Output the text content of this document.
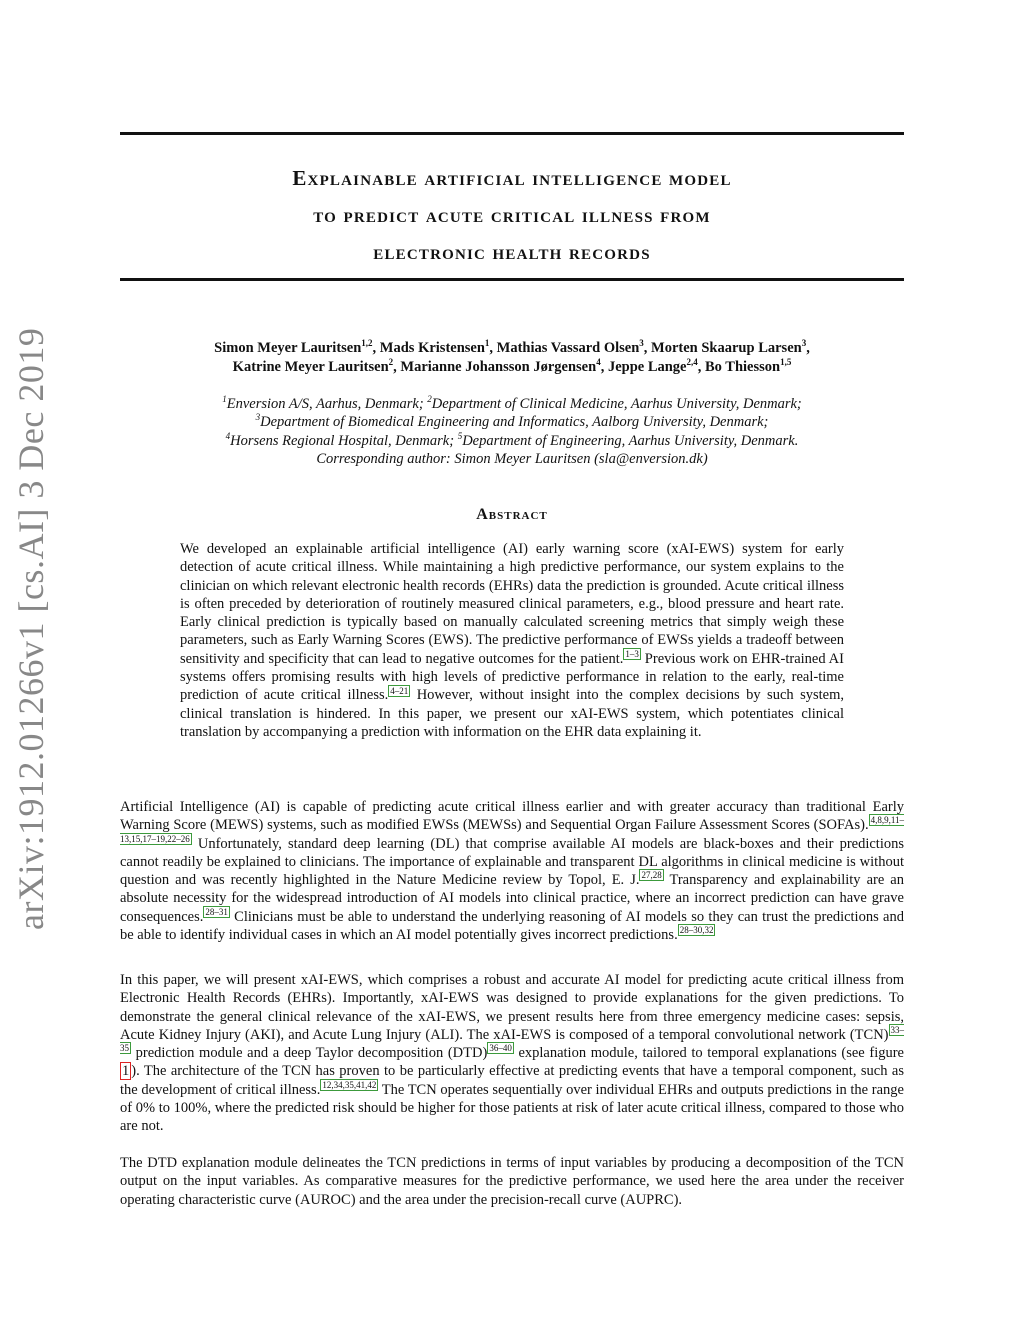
Explainable artificial intelligence model
to predict acute critical illness from
electronic health records
arXiv:1912.01266v1 [cs.AI] 3 Dec 2019	Simon Meyer Lauritsen$^{1,2}$, Mads Kristensen$^1$, Mathias Vassard Olsen$^3$, Morten Skaarup Larsen$^3$,
Katrine Meyer Lauritsen$^2$, Marianne Johansson Jørgensen$^4$, Jeppe Lange$^{2,4}$, Bo Thiesson$^{1,5}$
$^1$Enversion A/S, Aarhus, Denmark; $^2$Department of Clinical Medicine, Aarhus University, Denmark;
$^3$Department of Biomedical Engineering and Informatics, Aalborg University, Denmark;
$^4$Horsens Regional Hospital, Denmark; $^5$Department of Engineering, Aarhus University, Denmark.
Corresponding author: Simon Meyer Lauritsen (sla@enversion.dk)
Abstract
We developed an explainable artificial intelligence (AI) early warning score (xAI-EWS) system for early detection of acute critical illness. While maintaining a high predictive performance, our system explains to the clinician on which relevant electronic health records (EHRs) data the prediction is grounded. Acute critical illness is often preceded by deterioration of routinely measured clinical parameters, e.g., blood pressure and heart rate. Early clinical prediction is typically based on manually calculated screening metrics that simply weigh these parameters, such as Early Warning Scores (EWS). The predictive performance of EWSs yields a tradeoff between sensitivity and specificity that can lead to negative outcomes for the patient. $^{1-3}$ Previous work on EHR-trained AI systems offers promising results with high levels of predictive performance in relation to the early, real-time prediction of acute critical illness. $^{4-21}$ However, without insight into the complex decisions by such system, clinical translation is hindered. In this paper, we present our xAI-EWS system, which potentiates clinical translation by accompanying a prediction with information on the EHR data explaining it.
Artificial Intelligence (AI) is capable of predicting acute critical illness earlier and with greater accuracy than traditional Early Warning Score (MEWS) systems, such as modified EWSs (MEWSs) and Sequential Organ Failure Assessment Scores (SOFAs). $^{4,8,9,11-13,15,17-19,22-26}$ Unfortunately, standard deep learning (DL) that comprise available AI models are black-boxes and their predictions cannot readily be explained to clinicians. The importance of explainable and transparent DL algorithms in clinical medicine is without question and was recently highlighted in the Nature Medicine review by Topol, E. J. $^{27,28}$ Transparency and explainability are an absolute necessity for the widespread introduction of AI models into clinical practice, where an incorrect prediction can have grave consequences. $^{28-31}$ Clinicians must be able to understand the underlying reasoning of AI models so they can trust the predictions and be able to identify individual cases in which an AI model potentially gives incorrect predictions. $^{28-30,32}$
In this paper, we will present xAI-EWS, which comprises a robust and accurate AI model for predicting acute critical illness from Electronic Health Records (EHRs). Importantly, xAI-EWS was designed to provide explanations for the given predictions. To demonstrate the general clinical relevance of the xAI-EWS, we present results here from three emergency medicine cases: sepsis, Acute Kidney Injury (AKI), and Acute Lung Injury (ALI). The xAI-EWS is composed of a temporal convolutional network (TCN) $^{33-35}$ prediction module and a deep Taylor decomposition (DTD) $^{36-40}$ explanation module, tailored to temporal explanations (see figure 1 ). The architecture of the TCN has proven to be particularly effective at predicting events that have a temporal component, such as the development of critical illness. $^{12,34,35,41,42}$ The TCN operates sequentially over individual EHRs and outputs predictions in the range of 0% to 100%, where the predicted risk should be higher for those patients at risk of later acute critical illness, compared to those who are not.
The DTD explanation module delineates the TCN predictions in terms of input variables by producing a decomposition of the TCN output on the input variables. As comparative measures for the predictive performance, we used here the area under the receiver operating characteristic curve (AUROC) and the area under the precision-recall curve (AUPRC).
